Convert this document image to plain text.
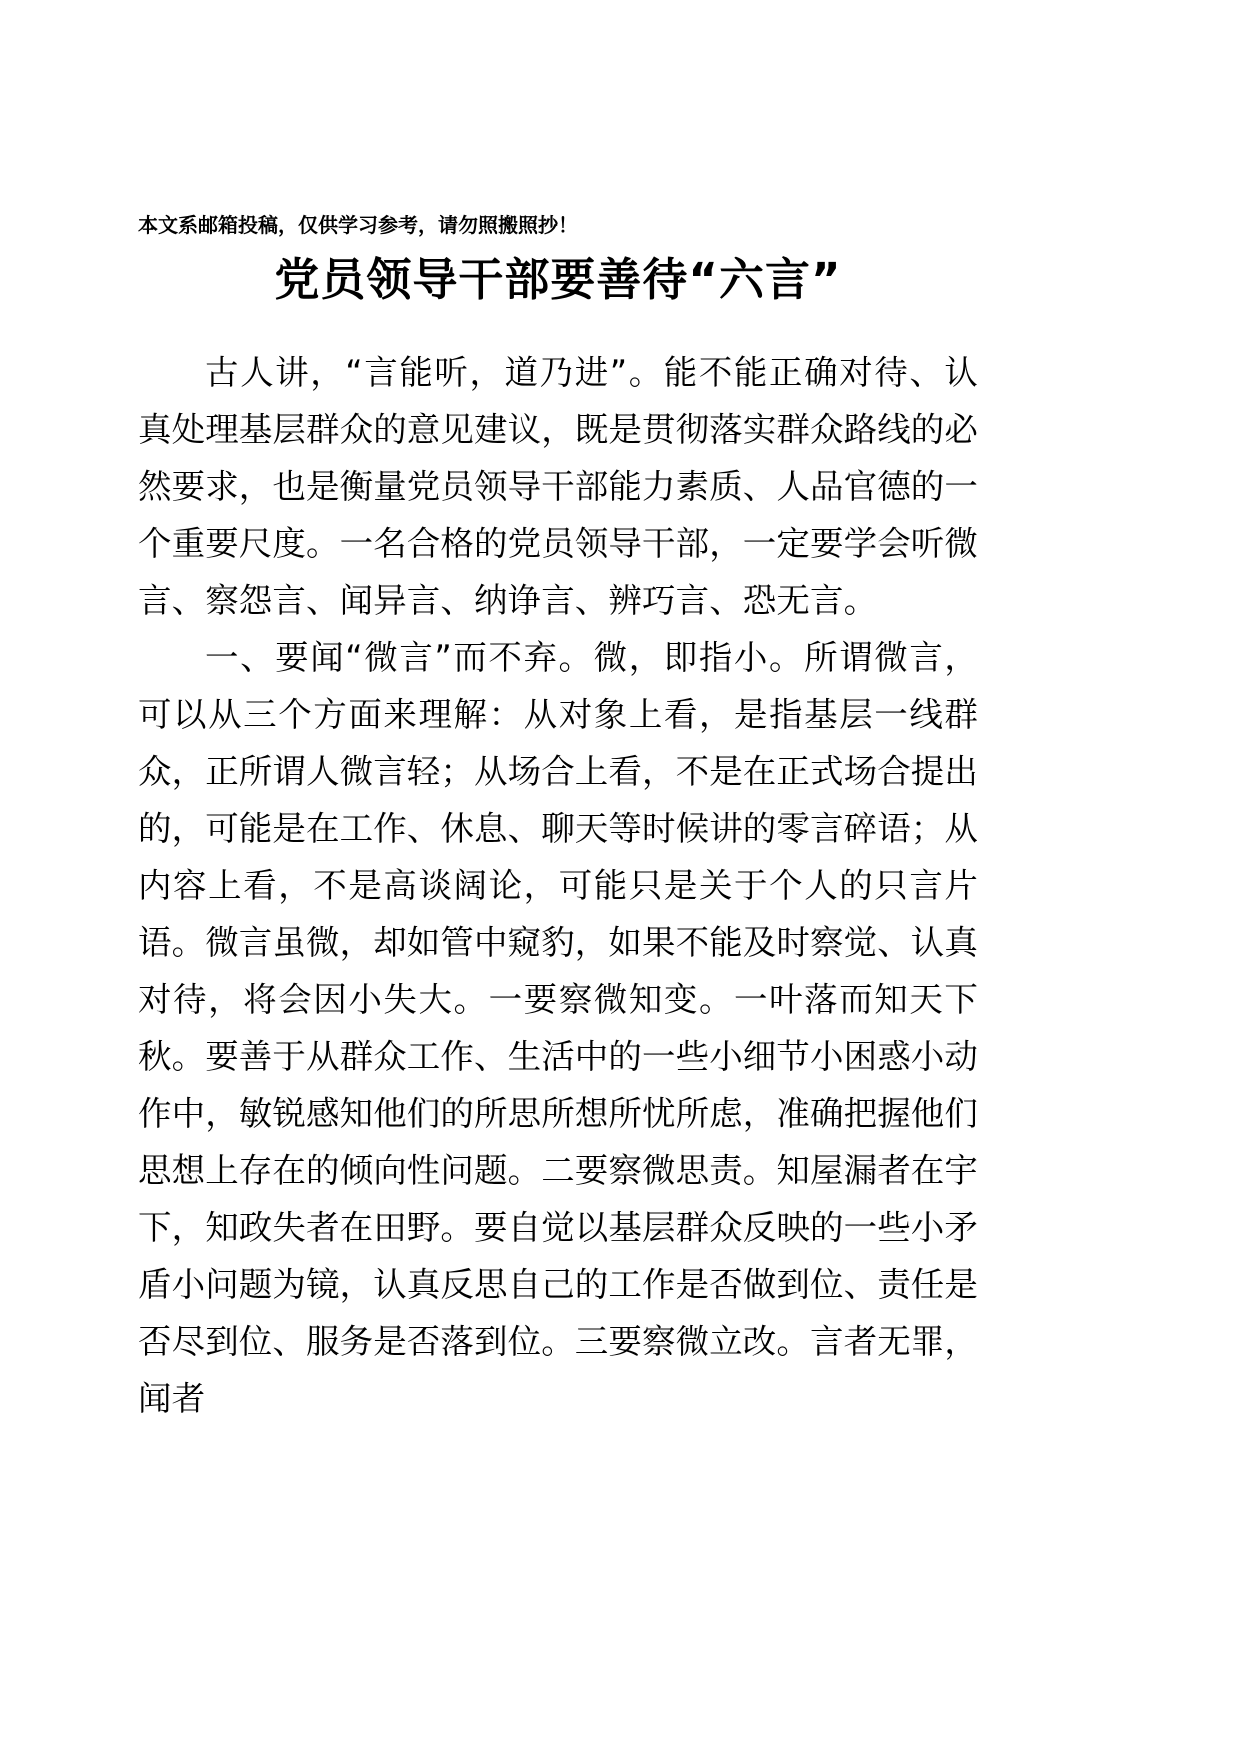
本文系邮箱投稿，仅供学习参考，请勿照搬照抄！
党员领导干部要善待“六言”

古人讲，“言能听，道乃进”。能不能正确对待、认真处理基层群众的意见建议，既是贯彻落实群众路线的必然要求，也是衡量党员领导干部能力素质、人品官德的一个重要尺度。一名合格的党员领导干部，一定要学会听微言、察怨言、闻异言、纳诤言、辨巧言、恐无言。

一、要闻“微言”而不弃。微，即指小。所谓微言，可以从三个方面来理解：从对象上看，是指基层一线群众，正所谓人微言轻；从场合上看，不是在正式场合提出的，可能是在工作、休息、聊天等时候讲的零言碎语；从内容上看，不是高谈阔论，可能只是关于个人的只言片语。微言虽微，却如管中窥豹，如果不能及时察觉、认真对待，将会因小失大。一要察微知变。一叶落而知天下秋。要善于从群众工作、生活中的一些小细节小困惑小动作中，敏锐感知他们的所思所想所忧所虑，准确把握他们思想上存在的倾向性问题。二要察微思责。知屋漏者在宇下，知政失者在田野。要自觉以基层群众反映的一些小矛盾小问题为镜，认真反思自己的工作是否做到位、责任是否尽到位、服务是否落到位。三要察微立改。言者无罪，闻者
